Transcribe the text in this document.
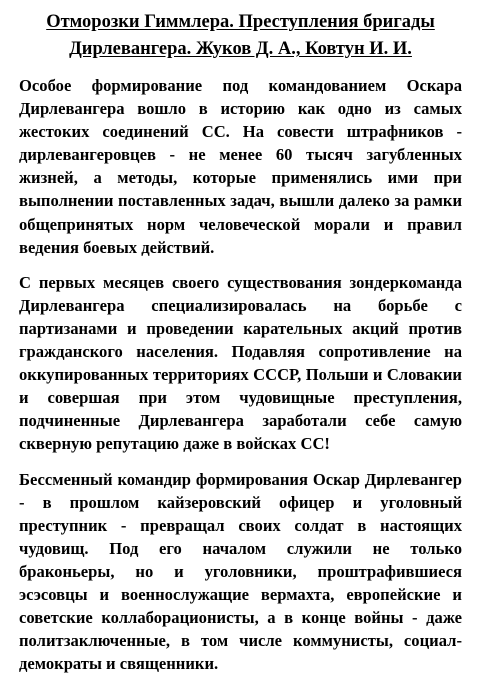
Отморозки Гиммлера. Преступления бригады
Дирлевангера. Жуков Д. А., Ковтун И. И.

Особое формирование под командованием Оскара Дирлевангера вошло в историю как одно из самых жестоких соединений СС. На совести штрафников - дирлевангеровцев - не менее 60 тысяч загубленных жизней, а методы, которые применялись ими при выполнении поставленных задач, вышли далеко за рамки общепринятых норм человеческой морали и правил ведения боевых действий.

С первых месяцев своего существования зондеркоманда Дирлевангера специализировалась на борьбе с партизанами и проведении карательных акций против гражданского населения. Подавляя сопротивление на оккупированных территориях СССР, Польши и Словакии и совершая при этом чудовищные преступления, подчиненные Дирлевангера заработали себе самую скверную репутацию даже в войсках СС!

Бессменный командир формирования Оскар Дирлевангер - в прошлом кайзеровский офицер и уголовный преступник - превращал своих солдат в настоящих чудовищ. Под его началом служили не только браконьеры, но и уголовники, проштрафившиеся эсэсовцы и военнослужащие вермахта, европейские и советские коллаборационисты, а в конце войны - даже политзаключенные, в том числе коммунисты, социал-демократы и священники.
